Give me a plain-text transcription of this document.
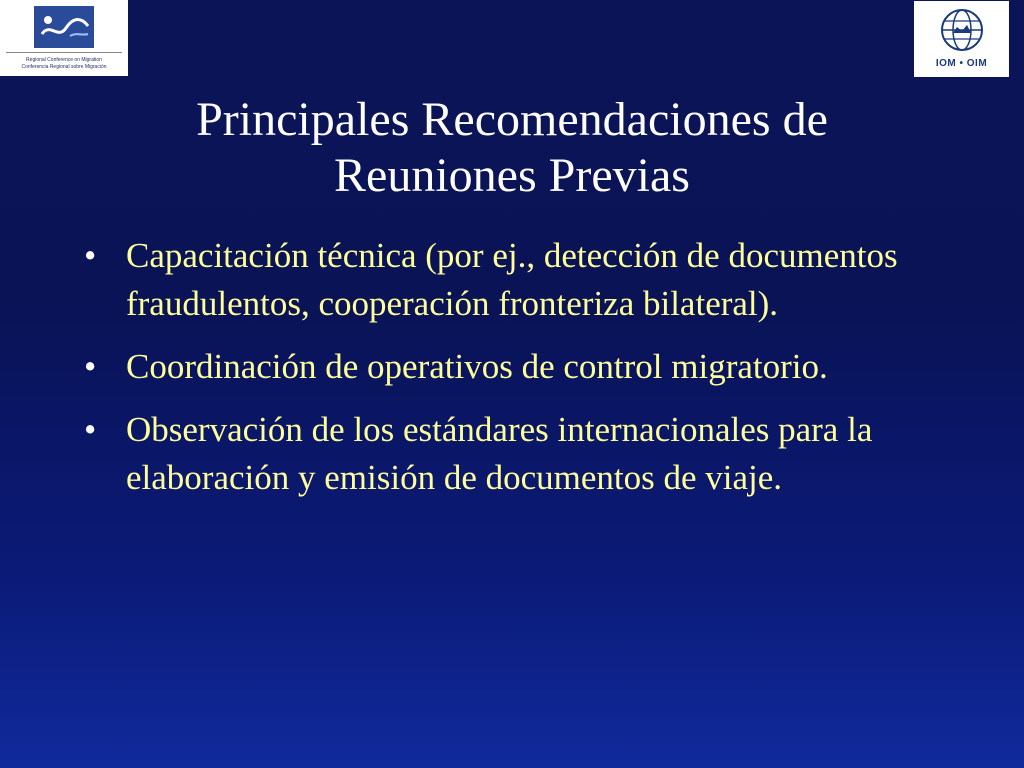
Regional Conference on Migration
Conferencia Regional sobre Migración	IOM • OIM
Principales Recomendaciones de
Reuniones Previas
• Capacitación técnica (por ej., detección de documentos fraudulentos, cooperación fronteriza bilateral).
• Coordinación de operativos de control migratorio.
• Observación de los estándares internacionales para la elaboración y emisión de documentos de viaje.
